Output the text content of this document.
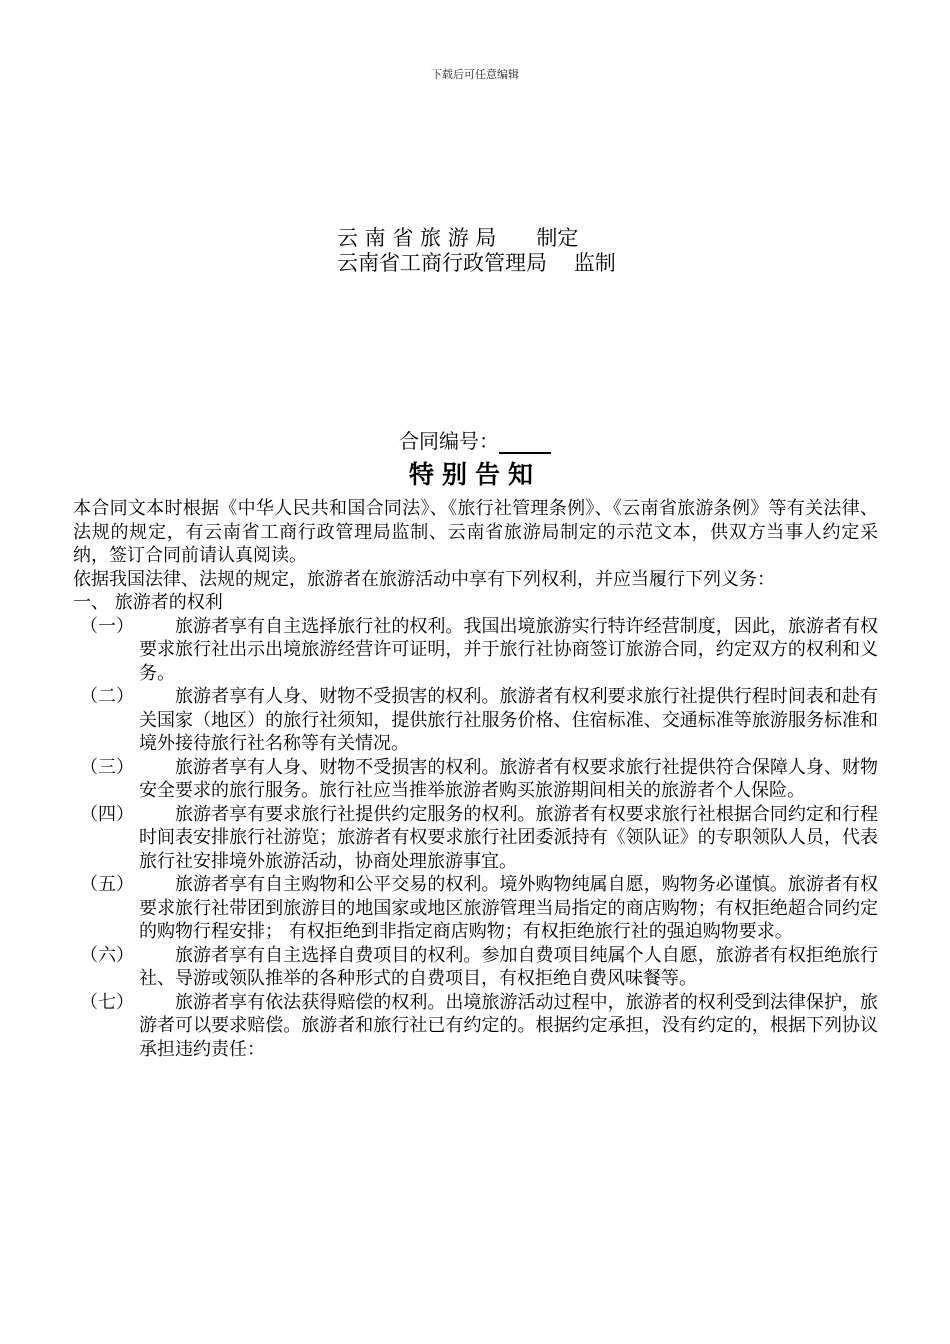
下载后可任意编辑
云 南 省 旅 游 局      制定
云南省工商行政管理局    监制
合同编号：
特别告知

本合同文本时根据《中华人民共和国合同法》、《旅行社管理条例》、《云南省旅游条例》等有关法律、法规的规定，有云南省工商行政管理局监制、云南省旅游局制定的示范文本，供双方当事人约定采纳，签订合同前请认真阅读。

依据我国法律、法规的规定，旅游者在旅游活动中享有下列权利，并应当履行下列义务：

一、 旅游者的权利

（一） 旅游者享有自主选择旅行社的权利。我国出境旅游实行特许经营制度，因此，旅游者有权要求旅行社出示出境旅游经营许可证明，并于旅行社协商签订旅游合同，约定双方的权利和义务。
（二） 旅游者享有人身、财物不受损害的权利。旅游者有权利要求旅行社提供行程时间表和赴有关国家（地区）的旅行社须知，提供旅行社服务价格、住宿标准、交通标准等旅游服务标准和境外接待旅行社名称等有关情况。
（三） 旅游者享有人身、财物不受损害的权利。旅游者有权要求旅行社提供符合保障人身、财物安全要求的旅行服务。旅行社应当推举旅游者购买旅游期间相关的旅游者个人保险。
（四） 旅游者享有要求旅行社提供约定服务的权利。旅游者有权要求旅行社根据合同约定和行程时间表安排旅行社游览；旅游者有权要求旅行社团委派持有《领队证》的专职领队人员，代表旅行社安排境外旅游活动，协商处理旅游事宜。
（五） 旅游者享有自主购物和公平交易的权利。境外购物纯属自愿，购物务必谨慎。旅游者有权要求旅行社带团到旅游目的地国家或地区旅游管理当局指定的商店购物；有权拒绝超合同约定的购物行程安排； 有权拒绝到非指定商店购物；有权拒绝旅行社的强迫购物要求。
（六） 旅游者享有自主选择自费项目的权利。参加自费项目纯属个人自愿，旅游者有权拒绝旅行社、导游或领队推举的各种形式的自费项目，有权拒绝自费风味餐等。
（七） 旅游者享有依法获得赔偿的权利。出境旅游活动过程中，旅游者的权利受到法律保护，旅游者可以要求赔偿。旅游者和旅行社已有约定的。根据约定承担，没有约定的，根据下列协议承担违约责任：
